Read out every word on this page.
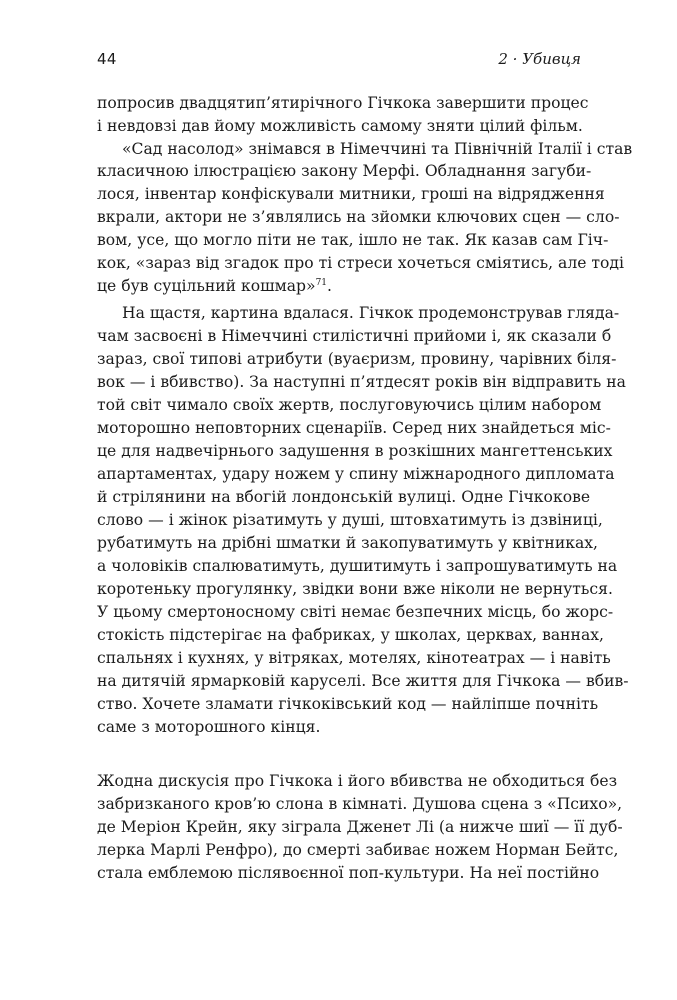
44	2 · Убивця
попросив двадцятип’ятирічного Гічкока завершити процес
і невдовзі дав йому можливість самому зняти цілий фільм.
«Сад насолод» знімався в Німеччині та Північній Італії і став
класичною ілюстрацією закону Мерфі. Обладнання загуби-
лося, інвентар конфіскували митники, гроші на відрядження
вкрали, актори не з’являлись на зйомки ключових сцен — сло-
вом, усе, що могло піти не так, ішло не так. Як казав сам Гіч-
кок, «зараз від згадок про ті стреси хочеться сміятись, але тоді
це був суцільний кошмар»$^{71}$.
На щастя, картина вдалася. Гічкок продемонстрував гляда-
чам засвоєні в Німеччині стилістичні прийоми і, як сказали б
зараз, свої типові атрибути (вуаєризм, провину, чарівних біля-
вок — і вбивство). За наступні п’ятдесят років він відправить на
той світ чимало своїх жертв, послуговуючись цілим набором
моторошно неповторних сценаріїв. Серед них знайдеться міс-
це для надвечірнього задушення в розкішних мангеттенських
апартаментах, удару ножем у спину міжнародного дипломата
й стрілянини на вбогій лондонській вулиці. Одне Гічкокове
слово — і жінок різатимуть у душі, штовхатимуть із дзвіниці,
рубатимуть на дрібні шматки й закопуватимуть у квітниках,
а чоловіків спалюватимуть, душитимуть і запрошуватимуть на
коротеньку прогулянку, звідки вони вже ніколи не вернуться.
У цьому смертоносному світі немає безпечних місць, бо жорс-
стокість підстерігає на фабриках, у школах, церквах, ваннах,
спальнях і кухнях, у вітряках, мотелях, кінотеатрах — і навіть
на дитячій ярмарковій каруселі. Все життя для Гічкока — вбив-
ство. Хочете зламати гічкоківський код — найліпше почніть
саме з моторошного кінця.
Жодна дискусія про Гічкока і його вбивства не обходиться без
забризканого кров’ю слона в кімнаті. Душова сцена з «Психо»,
де Меріон Крейн, яку зіграла Дженет Лі (а нижче шиї — її дуб-
лерка Марлі Ренфро), до смерті забиває ножем Норман Бейтс,
стала емблемою післявоєнної поп-культури. На неї постійно
